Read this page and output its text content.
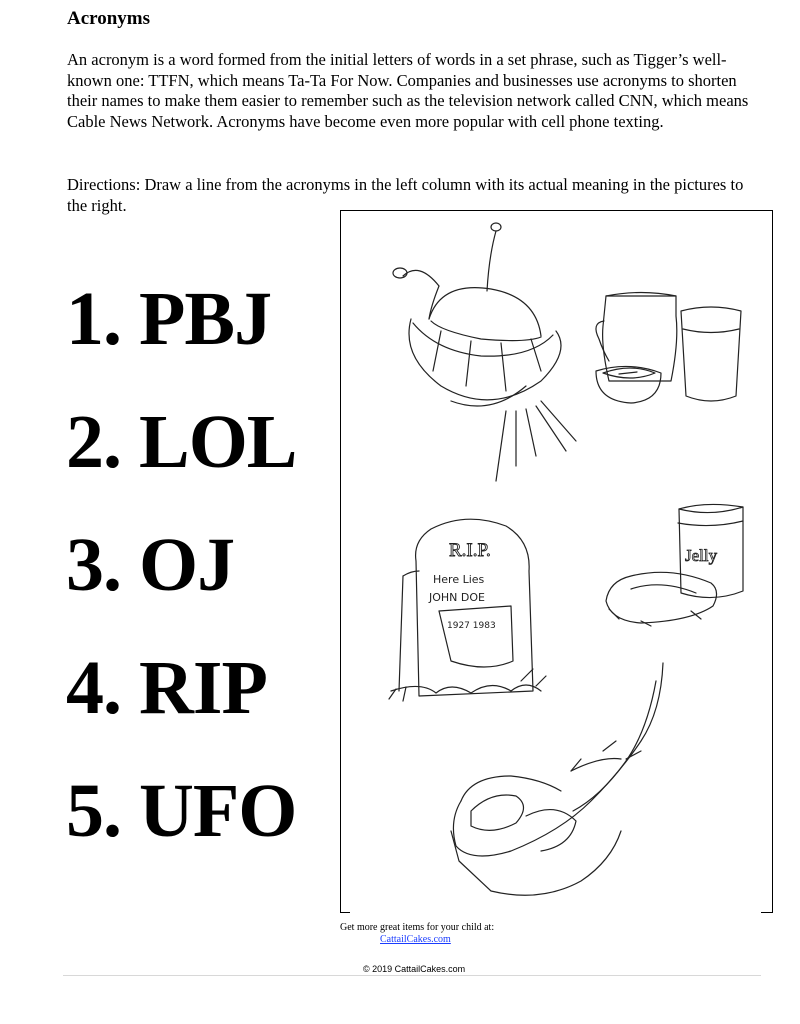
Acronyms
An acronym is a word formed from the initial letters of words in a set phrase, such as Tigger’s well-known one: TTFN, which means Ta-Ta For Now. Companies and businesses use acronyms to shorten their names to make them easier to remember such as the television network called CNN, which means Cable News Network. Acronyms have become even more popular with cell phone texting.
Directions: Draw a line from the acronyms in the left column with its actual meaning in the pictures to the right.
1. PBJ
2. LOL
3. OJ
4. RIP
5. UFO
R.I.P.
Here Lies
JOHN DOE
1927 1983
Jelly
Get more great items for your child at:
CattailCakes.com
© 2019 CattailCakes.com
